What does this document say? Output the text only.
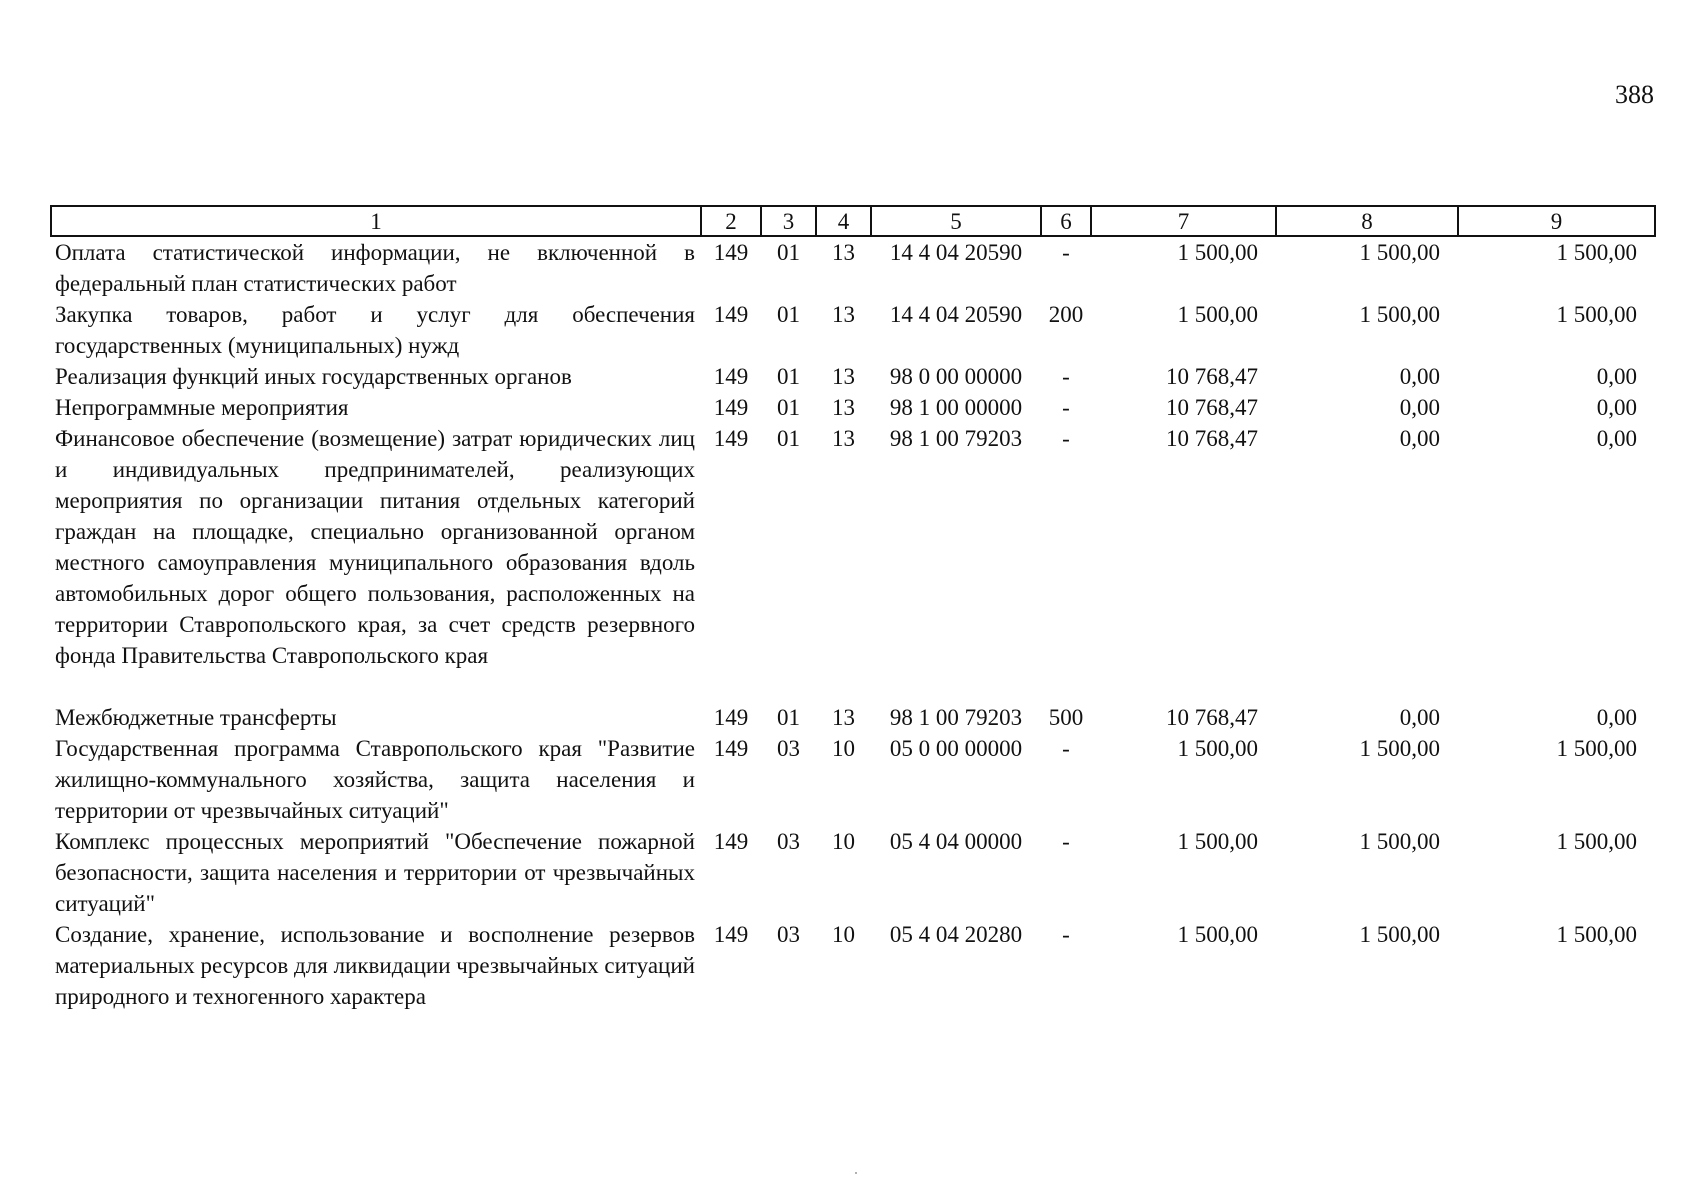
388
1	2	3	4	5	6	7	8	9
Оплата статистической информации, не включенной в федеральный план статистических работ	149	01	13	14 4 04 20590	-	1 500,00	1 500,00	1 500,00
Закупка товаров, работ и услуг для обеспечения государственных (муниципальных) нужд	149	01	13	14 4 04 20590	200	1 500,00	1 500,00	1 500,00
Реализация функций иных государственных органов	149	01	13	98 0 00 00000	-	10 768,47	0,00	0,00
Непрограммные мероприятия	149	01	13	98 1 00 00000	-	10 768,47	0,00	0,00
Финансовое обеспечение (возмещение) затрат юридических лиц и индивидуальных предпринимателей, реализующих мероприятия по организации питания отдельных категорий граждан на площадке, специально организованной органом местного самоуправления муниципального образования вдоль автомобильных дорог общего пользования, расположенных на территории Ставропольского края, за счет средств резервного фонда Правительства Ставропольского края	149	01	13	98 1 00 79203	-	10 768,47	0,00	0,00
Межбюджетные трансферты	149	01	13	98 1 00 79203	500	10 768,47	0,00	0,00
Государственная программа Ставропольского края "Развитие жилищно-коммунального хозяйства, защита населения и территории от чрезвычайных ситуаций"	149	03	10	05 0 00 00000	-	1 500,00	1 500,00	1 500,00
Комплекс процессных мероприятий "Обеспечение пожарной безопасности, защита населения и территории от чрезвычайных ситуаций"	149	03	10	05 4 04 00000	-	1 500,00	1 500,00	1 500,00
Создание, хранение, использование и восполнение резервов материальных ресурсов для ликвидации чрезвычайных ситуаций природного и техногенного характера	149	03	10	05 4 04 20280	-	1 500,00	1 500,00	1 500,00
